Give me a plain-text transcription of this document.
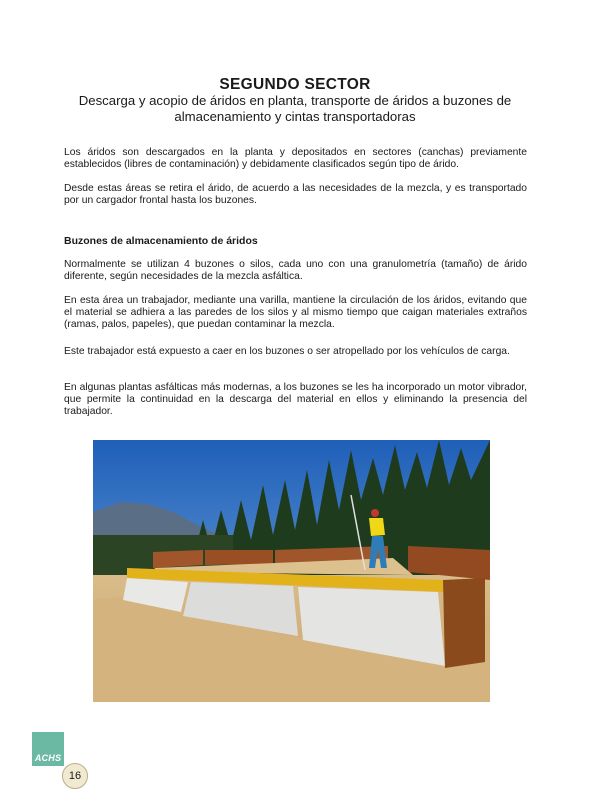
SEGUNDO SECTOR
Descarga y acopio de áridos en planta, transporte de áridos a buzones de almacenamiento y cintas transportadoras

Los áridos son descargados en la planta y depositados en sectores (canchas) previamente establecidos (libres de contaminación) y debidamente clasificados según tipo de árido.

Desde estas áreas se retira el árido, de acuerdo a las necesidades de la mezcla, y es transportado por un cargador frontal hasta los buzones.

Buzones de almacenamiento de áridos

Normalmente se utilizan 4 buzones o silos, cada uno con una granulometría (tamaño) de árido diferente, según necesidades de la mezcla asfáltica.

En esta área un trabajador, mediante una varilla, mantiene la circulación de los áridos, evitando que el material se adhiera a las paredes de los silos y al mismo tiempo que caigan materiales extraños (ramas, palos, papeles), que puedan contaminar la mezcla.

Este trabajador está expuesto a caer en los buzones o ser atropellado por los vehículos de carga.

En algunas plantas asfálticas más modernas, a los buzones se les ha incorporado un motor vibrador, que permite la continuidad en la descarga del material en ellos y eliminando la presencia del trabajador.

ACHS
16
